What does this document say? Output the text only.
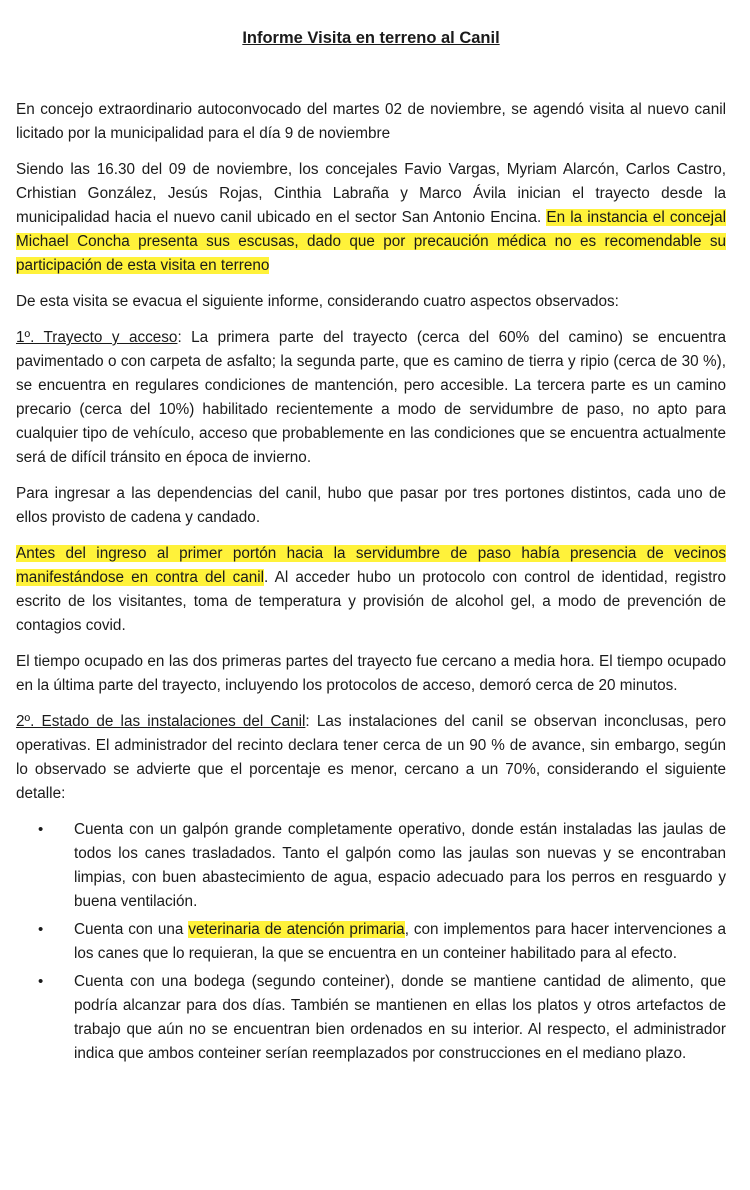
Informe Visita en terreno al Canil

En concejo extraordinario autoconvocado del martes 02 de noviembre, se agendó visita al nuevo canil licitado por la municipalidad para el día 9 de noviembre

Siendo las 16.30 del 09 de noviembre, los concejales Favio Vargas, Myriam Alarcón, Carlos Castro, Crhistian González, Jesús Rojas, Cinthia Labraña y Marco Ávila inician el trayecto desde la municipalidad hacia el nuevo canil ubicado en el sector San Antonio Encina. En la instancia el concejal Michael Concha presenta sus escusas, dado que por precaución médica no es recomendable su participación de esta visita en terreno

De esta visita se evacua el siguiente informe, considerando cuatro aspectos observados:

1º. Trayecto y acceso: La primera parte del trayecto (cerca del 60% del camino) se encuentra pavimentado o con carpeta de asfalto; la segunda parte, que es camino de tierra y ripio (cerca de 30 %), se encuentra en regulares condiciones de mantención, pero accesible. La tercera parte es un camino precario (cerca del 10%) habilitado recientemente a modo de servidumbre de paso, no apto para cualquier tipo de vehículo, acceso que probablemente en las condiciones que se encuentra actualmente será de difícil tránsito en época de invierno.

Para ingresar a las dependencias del canil, hubo que pasar por tres portones distintos, cada uno de ellos provisto de cadena y candado.

Antes del ingreso al primer portón hacia la servidumbre de paso había presencia de vecinos manifestándose en contra del canil. Al acceder hubo un protocolo con control de identidad, registro escrito de los visitantes, toma de temperatura y provisión de alcohol gel, a modo de prevención de contagios covid.

El tiempo ocupado en las dos primeras partes del trayecto fue cercano a media hora. El tiempo ocupado en la última parte del trayecto, incluyendo los protocolos de acceso, demoró cerca de 20 minutos.

2º. Estado de las instalaciones del Canil: Las instalaciones del canil se observan inconclusas, pero operativas. El administrador del recinto declara tener cerca de un 90 % de avance, sin embargo, según lo observado se advierte que el porcentaje es menor, cercano a un 70%, considerando el siguiente detalle:

• Cuenta con un galpón grande completamente operativo, donde están instaladas las jaulas de todos los canes trasladados. Tanto el galpón como las jaulas son nuevas y se encontraban limpias, con buen abastecimiento de agua, espacio adecuado para los perros en resguardo y buena ventilación.
• Cuenta con una veterinaria de atención primaria, con implementos para hacer intervenciones a los canes que lo requieran, la que se encuentra en un conteiner habilitado para al efecto.
• Cuenta con una bodega (segundo conteiner), donde se mantiene cantidad de alimento, que podría alcanzar para dos días. También se mantienen en ellas los platos y otros artefactos de trabajo que aún no se encuentran bien ordenados en su interior. Al respecto, el administrador indica que ambos conteiner serían reemplazados por construcciones en el mediano plazo.
